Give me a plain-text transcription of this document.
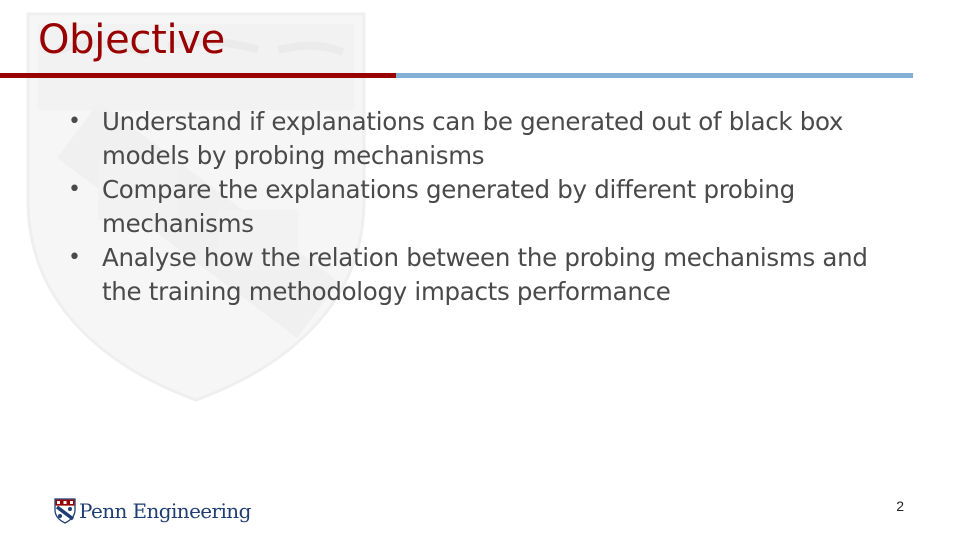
Objective
• Understand if explanations can be generated out of black box models by probing mechanisms
• Compare the explanations generated by different probing mechanisms
• Analyse how the relation between the probing mechanisms and the training methodology impacts performance
Penn Engineering	2
